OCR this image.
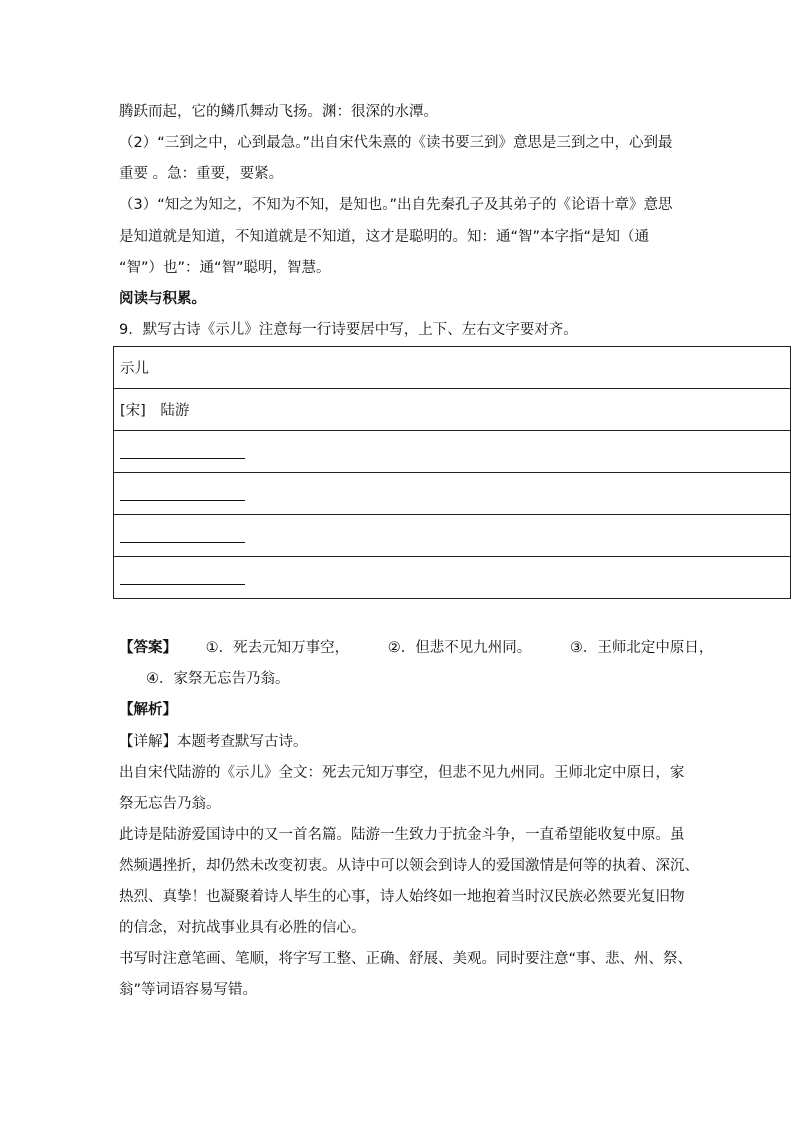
腾跃而起，它的鳞爪舞动飞扬。渊：很深的水潭。
（2）“三到之中，心到最急。”出自宋代朱熹的《读书要三到》意思是三到之中，心到最
重要 。急：重要，要紧。
（3）“知之为知之，不知为不知，是知也。”出自先秦孔子及其弟子的《论语十章》意思
是知道就是知道，不知道就是不知道，这才是聪明的。知：通“智”本字指“是知（通
“智”）也”：通“智”聪明，智慧。
阅读与积累。
9．默写古诗《示儿》注意每一行诗要居中写，上下、左右文字要对齐。
示儿
[宋]　陆游

【答案】 ①．死去元知万事空，	②．但悲不见九州同。	③．王师北定中原日，
④．家祭无忘告乃翁。
【解析】
【详解】本题考查默写古诗。
出自宋代陆游的《示儿》全文：死去元知万事空，但悲不见九州同。王师北定中原日，家
祭无忘告乃翁。
此诗是陆游爱国诗中的又一首名篇。陆游一生致力于抗金斗争，一直希望能收复中原。虽
然频遇挫折，却仍然未改变初衷。从诗中可以领会到诗人的爱国激情是何等的执着、深沉、
热烈、真挚！也凝聚着诗人毕生的心事，诗人始终如一地抱着当时汉民族必然要光复旧物
的信念，对抗战事业具有必胜的信心。
书写时注意笔画、笔顺，将字写工整、正确、舒展、美观。同时要注意“事、悲、州、祭、
翁”等词语容易写错。
